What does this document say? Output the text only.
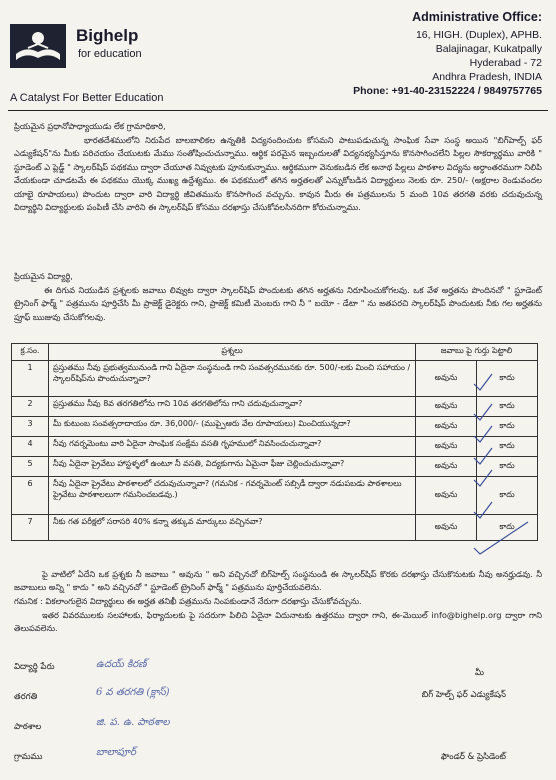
Bighelp
for education
A Catalyst For Better Education
Administrative Office:
16, HIGH. (Duplex), APHB.
Balajinagar, Kukatpally
Hyderabad - 72
Andhra Pradesh, INDIA
Phone: +91-40-23152224 / 9849757765
ప్రియమైన ప్రధానోపాధ్యాయుడు లేక గ్రామాధికారి,
భారతదేశములోని నిరుపేద బాలబాలికల ఉన్నతికి విద్యనందించుట కోసమని పాటుపడుచున్న సాంఘిక సేవా సంస్థ అయిన "బిగ్‌హెల్ప్ ఫర్ ఎడ్యుకేషన్"ను మీకు పరిచయం చేయుటకు మేము సంతోషించుచున్నాము. ఆర్థిక పరమైన ఇబ్బందులతో విద్యనభ్యసిస్తూను కొనసాగించలేని పిల్లల సౌకర్యార్థము వారికి " స్టూడెంట్ ఎ ప్లెడ్జ్ " స్కాలర్‌షిప్ పథకము ద్వారా చేయూత నివ్వుటకు పూనుకున్నాము. ఆర్థికముగా వెనుకబడిన లేక అనాథ పిల్లలు పాఠశాల విద్యను అర్ధాంతరముగా నిలిపి వేయకుండా చూడటమే ఈ పథకము యొక్క ముఖ్య ఉద్దేశ్యము. ఈ పథకములో తగిన అర్హతలతో ఎన్నుకోబడిన విద్యార్థులు నెలకు రూ. 250/- (అక్షరాల రెండువందల యాభై రూపాయలు) పొందుట ద్వారా వారి విద్యార్థి జీవితమును కొనసాగించ వచ్చును. కావున మీరు ఈ పత్రములను 5 మంది 10వ తరగతి వరకు చదువుచున్న విద్యార్థిని విద్యార్థులకు పంపిణీ చేసి వారిని ఈ స్కాలర్‌షిప్ కోసము దరఖాస్తు చేసుకోవలసినదిగా కోరుచున్నాము.
ప్రియమైన విద్యార్థి,
ఈ దిగువ నియుడిన ప్రశ్నలకు జవాబు లివ్వుట ద్వారా స్కాలర్‌షిప్ పొందుటకు తగిన అర్హతను నిరూపించుకోగలవు. ఒక వేళ అర్హతను పొందినచో " స్టూడెంట్ ట్రైనింగ్ ఫార్మ్ " పత్రమును పూర్తిచేసి మీ ప్రాజెక్ట్ డైరెక్టరు గాని, ప్రాజెక్ట్ కమిటీ మెంబరు గాని నీ " బయో - డేటా " ను జతపరచి స్కాలర్‌షిప్ పొందుటకు నీకు గల అర్హతను ప్రూఫ్ ఋజువు చేసుకోగలవు.
క్ర.సం.	ప్రశ్నలు	జవాబు పై గుర్తు పెట్టాలి	
1	ప్రస్తుతము నీవు ప్రభుత్వమునుండి గాని ఏదైనా సంస్థనుండి గాని సంవత్సరమునకు రూ. 500/-లకు మించి సహాయం / స్కాలర్‌షిప్‌ను పొందుచున్నావా?	అవును	కాదు
2	ప్రస్తుతము నీవు 8వ తరగతిలోను గాని 10వ తరగతిలోను గాని చదువుచున్నావా?	అవును	కాదు
3	మీ కుటుంబ సంవత్సరాదాయం రూ. 36,000/- (ముప్పైఆరు వేల రూపాయలు) మించియున్నదా?	అవును	కాదు
4	నీవు గవర్నమెంటు వారి ఏదైనా సాంఘిక సంక్షేమ వసతి గృహములో నివసించుచున్నావా?	అవును	కాదు
5	నీవు ఏదైనా ప్రైవేటు హాస్టళ్ళలో ఉంటూ నీ వసతి, విద్యకుగాను ఏమైనా ఫీజు చెల్లించుచున్నావా?	అవును	కాదు
6	నీవు ఏదైనా ప్రైవేటు పాఠశాలలో చదువుచున్నావా? (గమనిక - గవర్నమెంట్ సబ్సిడీ ద్వారా నడుపబడు పాఠశాలలు ప్రైవేటు పాఠశాలలుగా గమనించబడవు.)	అవును	కాదు
7	నీకు గత పరీక్షలో సరాసరి 40% కన్నా తక్కువ మార్కులు వచ్చినవా?	అవును	కాదు
పై వాటిలో ఏదేని ఒక ప్రశ్నకు నీ జవాబు " అవును " అని వచ్చినచో బిగ్‌హెల్ప్ సంస్థనుండి ఈ స్కాలర్‌షిప్ కొరకు దరఖాస్తు చేసుకొనుటకు నీవు అనర్హుడవు. నీ జవాబులు అన్ని " కాదు " అని వచ్చినచో " స్టూడెంట్ ట్రైనింగ్ ఫార్మ్ " పత్రమును పూర్తిచేయవలెను.
గమనిక : వికలాంగులైన విద్యార్థులు ఈ అర్హత తనిఖీ పత్రమును నింపకుండానే నేరుగా దరఖాస్తు చేసుకోవచ్చును.
ఇతర వివరములకు సలహాలకు, ఫిర్యాదులకు పై సదరుగా పిలిచి ఏదైనా విదునాటకు ఉత్తరము ద్వారా గాని, ఈ-మెయిల్ info@bighelp.org ద్వారా గాని తెలుపవలెను.
విద్యార్థి పేరు	ఉదయ్ కిరణ్
తరగతి	6 వ తరగతి (క్లాస్)
పాఠశాల	జి. ప. ఉ. పాఠశాల
గ్రామము	బాలాపూర్
మీ
బిగ్ హెల్ప్ ఫర్ ఎడ్యుకేషన్
ఫౌండర్ & ప్రెసిడెంట్
